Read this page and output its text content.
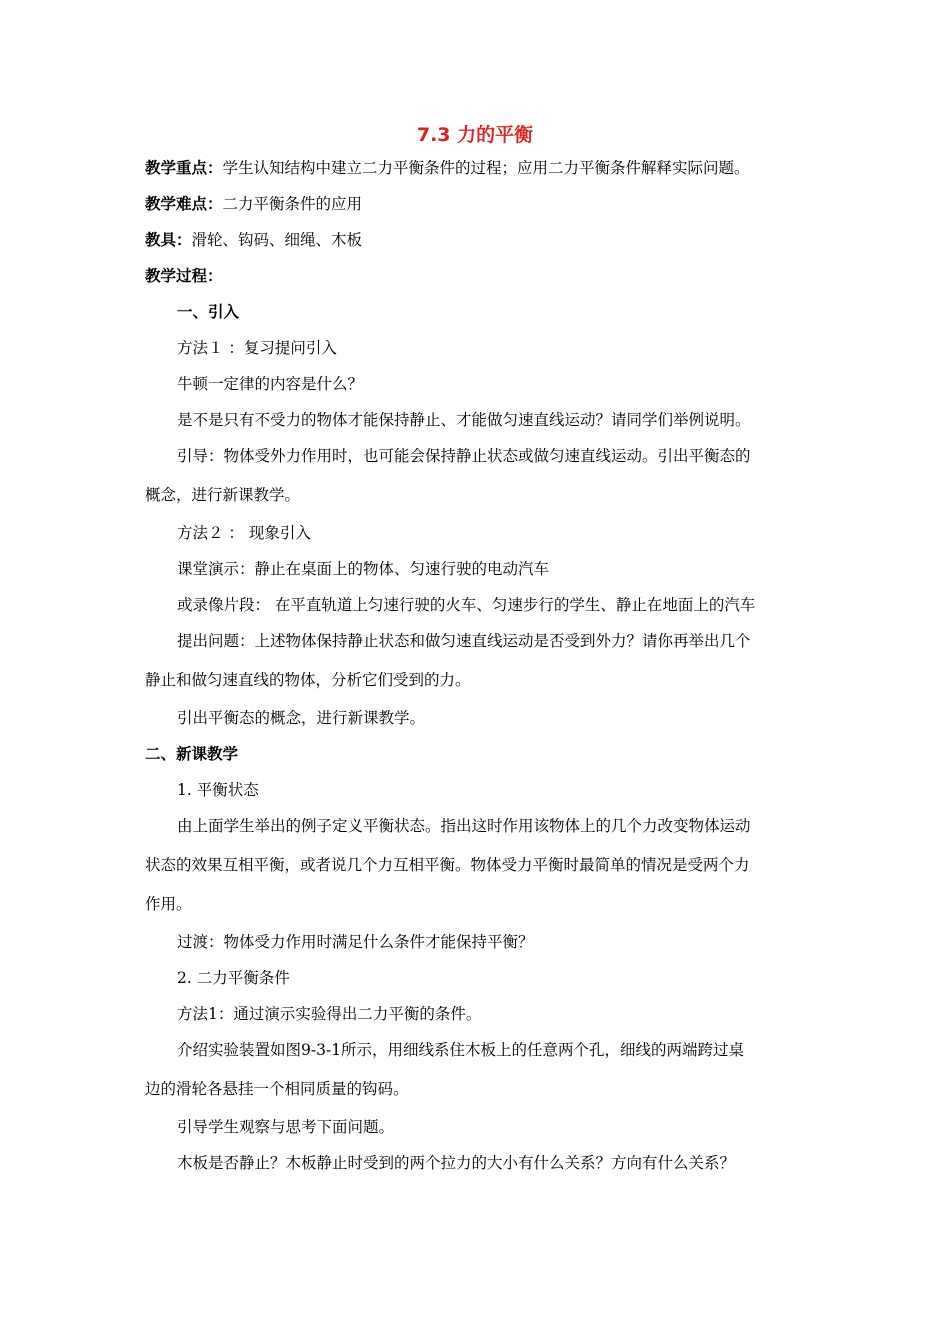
7.3 力的平衡
教学重点：学生认知结构中建立二力平衡条件的过程；应用二力平衡条件解释实际问题。
教学难点：二力平衡条件的应用
教具：滑轮、钩码、细绳、木板
教学过程：
一、引入
方法１ ：复习提问引入
牛顿一定律的内容是什么？
是不是只有不受力的物体才能保持静止、才能做匀速直线运动？请同学们举例说明。
引导：物体受外力作用时，也可能会保持静止状态或做匀速直线运动。引出平衡态的
概念，进行新课教学。
方法２ ： 现象引入
课堂演示：静止在桌面上的物体、匀速行驶的电动汽车
或录像片段： 在平直轨道上匀速行驶的火车、匀速步行的学生、静止在地面上的汽车
提出问题：上述物体保持静止状态和做匀速直线运动是否受到外力？请你再举出几个
静止和做匀速直线的物体，分析它们受到的力。
引出平衡态的概念，进行新课教学。
二、新课教学
1. 平衡状态
由上面学生举出的例子定义平衡状态。指出这时作用该物体上的几个力改变物体运动
状态的效果互相平衡，或者说几个力互相平衡。物体受力平衡时最简单的情况是受两个力
作用。
过渡：物体受力作用时满足什么条件才能保持平衡？
2. 二力平衡条件
方法1：通过演示实验得出二力平衡的条件。
介绍实验装置如图9-3-1所示，用细线系住木板上的任意两个孔，细线的两端跨过桌
边的滑轮各悬挂一个相同质量的钩码。
引导学生观察与思考下面问题。
木板是否静止？木板静止时受到的两个拉力的大小有什么关系？方向有什么关系？
